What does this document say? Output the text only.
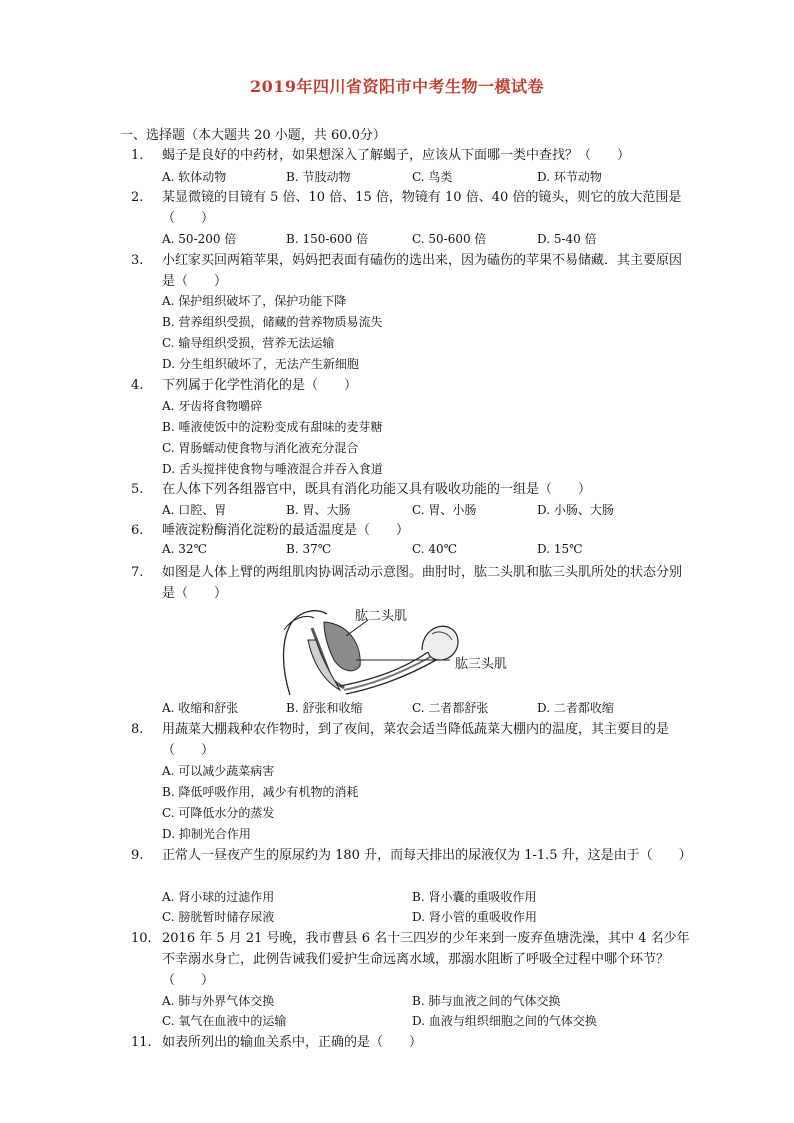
2019年四川省资阳市中考生物一模试卷
一、选择题（本大题共 20 小题，共 60.0分）
1.	蝎子是良好的中药材，如果想深入了解蝎子，应该从下面哪一类中查找？（　　）
A. 软体动物	B. 节肢动物	C. 鸟类	D. 环节动物
2.	某显微镜的目镜有 5 倍、10 倍、15 倍，物镜有 10 倍、40 倍的镜头，则它的放大范围是（　　）
A. 50-200 倍	B. 150-600 倍	C. 50-600 倍	D. 5-40 倍
3.	小红家买回两箱苹果，妈妈把表面有磕伤的选出来，因为磕伤的苹果不易储藏．其主要原因是（　　）
A. 保护组织破坏了，保护功能下降
B. 营养组织受损，储藏的营养物质易流失
C. 输导组织受损，营养无法运输
D. 分生组织破坏了，无法产生新细胞
4.	下列属于化学性消化的是（　　）
A. 牙齿将食物嚼碎
B. 唾液使饭中的淀粉变成有甜味的麦芽糖
C. 胃肠蠕动使食物与消化液充分混合
D. 舌头搅拌使食物与唾液混合并吞入食道
5.	在人体下列各组器官中，既具有消化功能又具有吸收功能的一组是（　　）
A. 口腔、胃	B. 胃、大肠	C. 胃、小肠	D. 小肠、大肠
6.	唾液淀粉酶消化淀粉的最适温度是（　　）
A. 32℃	B. 37℃	C. 40℃	D. 15℃
7.	如图是人体上臂的两组肌肉协调活动示意图。曲肘时，肱二头肌和肱三头肌所处的状态分别是（　　）
肱二头肌
肱三头肌
A. 收缩和舒张	B. 舒张和收缩	C. 二者都舒张	D. 二者都收缩
8.	用蔬菜大棚栽种农作物时，到了夜间，菜农会适当降低蔬菜大棚内的温度，其主要目的是（　　）
A. 可以减少蔬菜病害
B. 降低呼吸作用，减少有机物的消耗
C. 可降低水分的蒸发
D. 抑制光合作用
9.	正常人一昼夜产生的原尿约为 180 升，而每天排出的尿液仅为 1-1.5 升，这是由于（　　）
A. 肾小球的过滤作用	B. 肾小囊的重吸收作用
C. 膀胱暂时储存尿液	D. 肾小管的重吸收作用
10. 2016 年 5 月 21 号晚，我市曹县 6 名十三四岁的少年来到一废弃鱼塘洗澡，其中 4 名少年不幸溺水身亡，此例告诫我们爱护生命远离水域，那溺水阻断了呼吸全过程中哪个环节？（　　）
A. 肺与外界气体交换	B. 肺与血液之间的气体交换
C. 氧气在血液中的运输	D. 血液与组织细胞之间的气体交换
11. 如表所列出的输血关系中，正确的是（　　）
